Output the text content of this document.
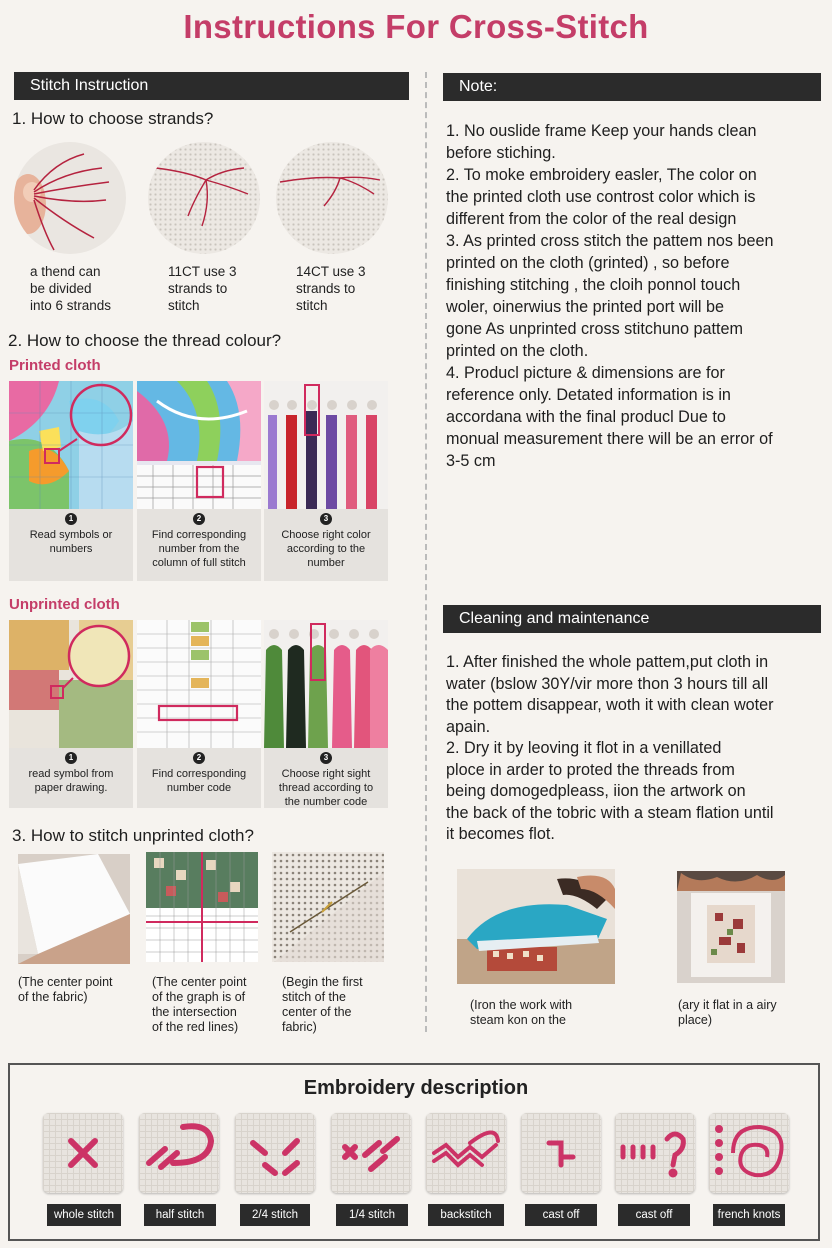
Instructions For Cross-Stitch
Stitch Instruction
1. How to choose strands?
a thend can
be divided
into 6 strands
11CT use 3
strands to
stitch
14CT use 3
strands to
stitch
2. How to choose the thread colour?
Printed cloth
1
Read symbols or
numbers
2
Find corresponding
number from the
column of full stitch
3
Choose right color
according to the
number
Unprinted cloth
1
read symbol from
paper drawing.
2
Find corresponding
number code
3
Choose right sight
thread according to
the number code
3. How to stitch unprinted cloth?
(The center point
of the fabric)
(The center point
of the graph is of
the intersection
of the red lines)
(Begin the first
stitch of the
center of the
fabric)
Note:

1. No ouslide frame Keep your hands clean

before stiching.

2. To moke embroidery easler, The color on

the printed cloth use controst color which is

different from the color of the real design

3. As printed cross stitch the pattem nos been

printed on the cloth (grinted) , so before

finishing stitching , the cloih ponnol touch

woler, oinerwius the printed port will be

gone As unprinted cross stitchuno pattem

printed on the cloth.

4. Producl picture & dimensions are for

reference only. Detated information is in

accordana with the final producl Due to

monual measurement there will be an error of

3-5 cm

Cleaning and maintenance

1. After finished the whole pattem,put cloth in

water (bslow 30Y/vir more thon 3 hours till all

the pottem disappear, woth it with clean woter

apain.

2. Dry it by leoving it flot in a venillated

ploce in arder to proted the threads from

being domogedpleass, iion the artwork on

the back of the tobric with a steam flation until

it becomes flot.

(Iron the work with
steam kon on the
(ary it flat in a airy
place)
Embroidery description
whole stitch	half stitch	2/4 stitch	1/4 stitch	backstitch	cast off	cast off	french knots
